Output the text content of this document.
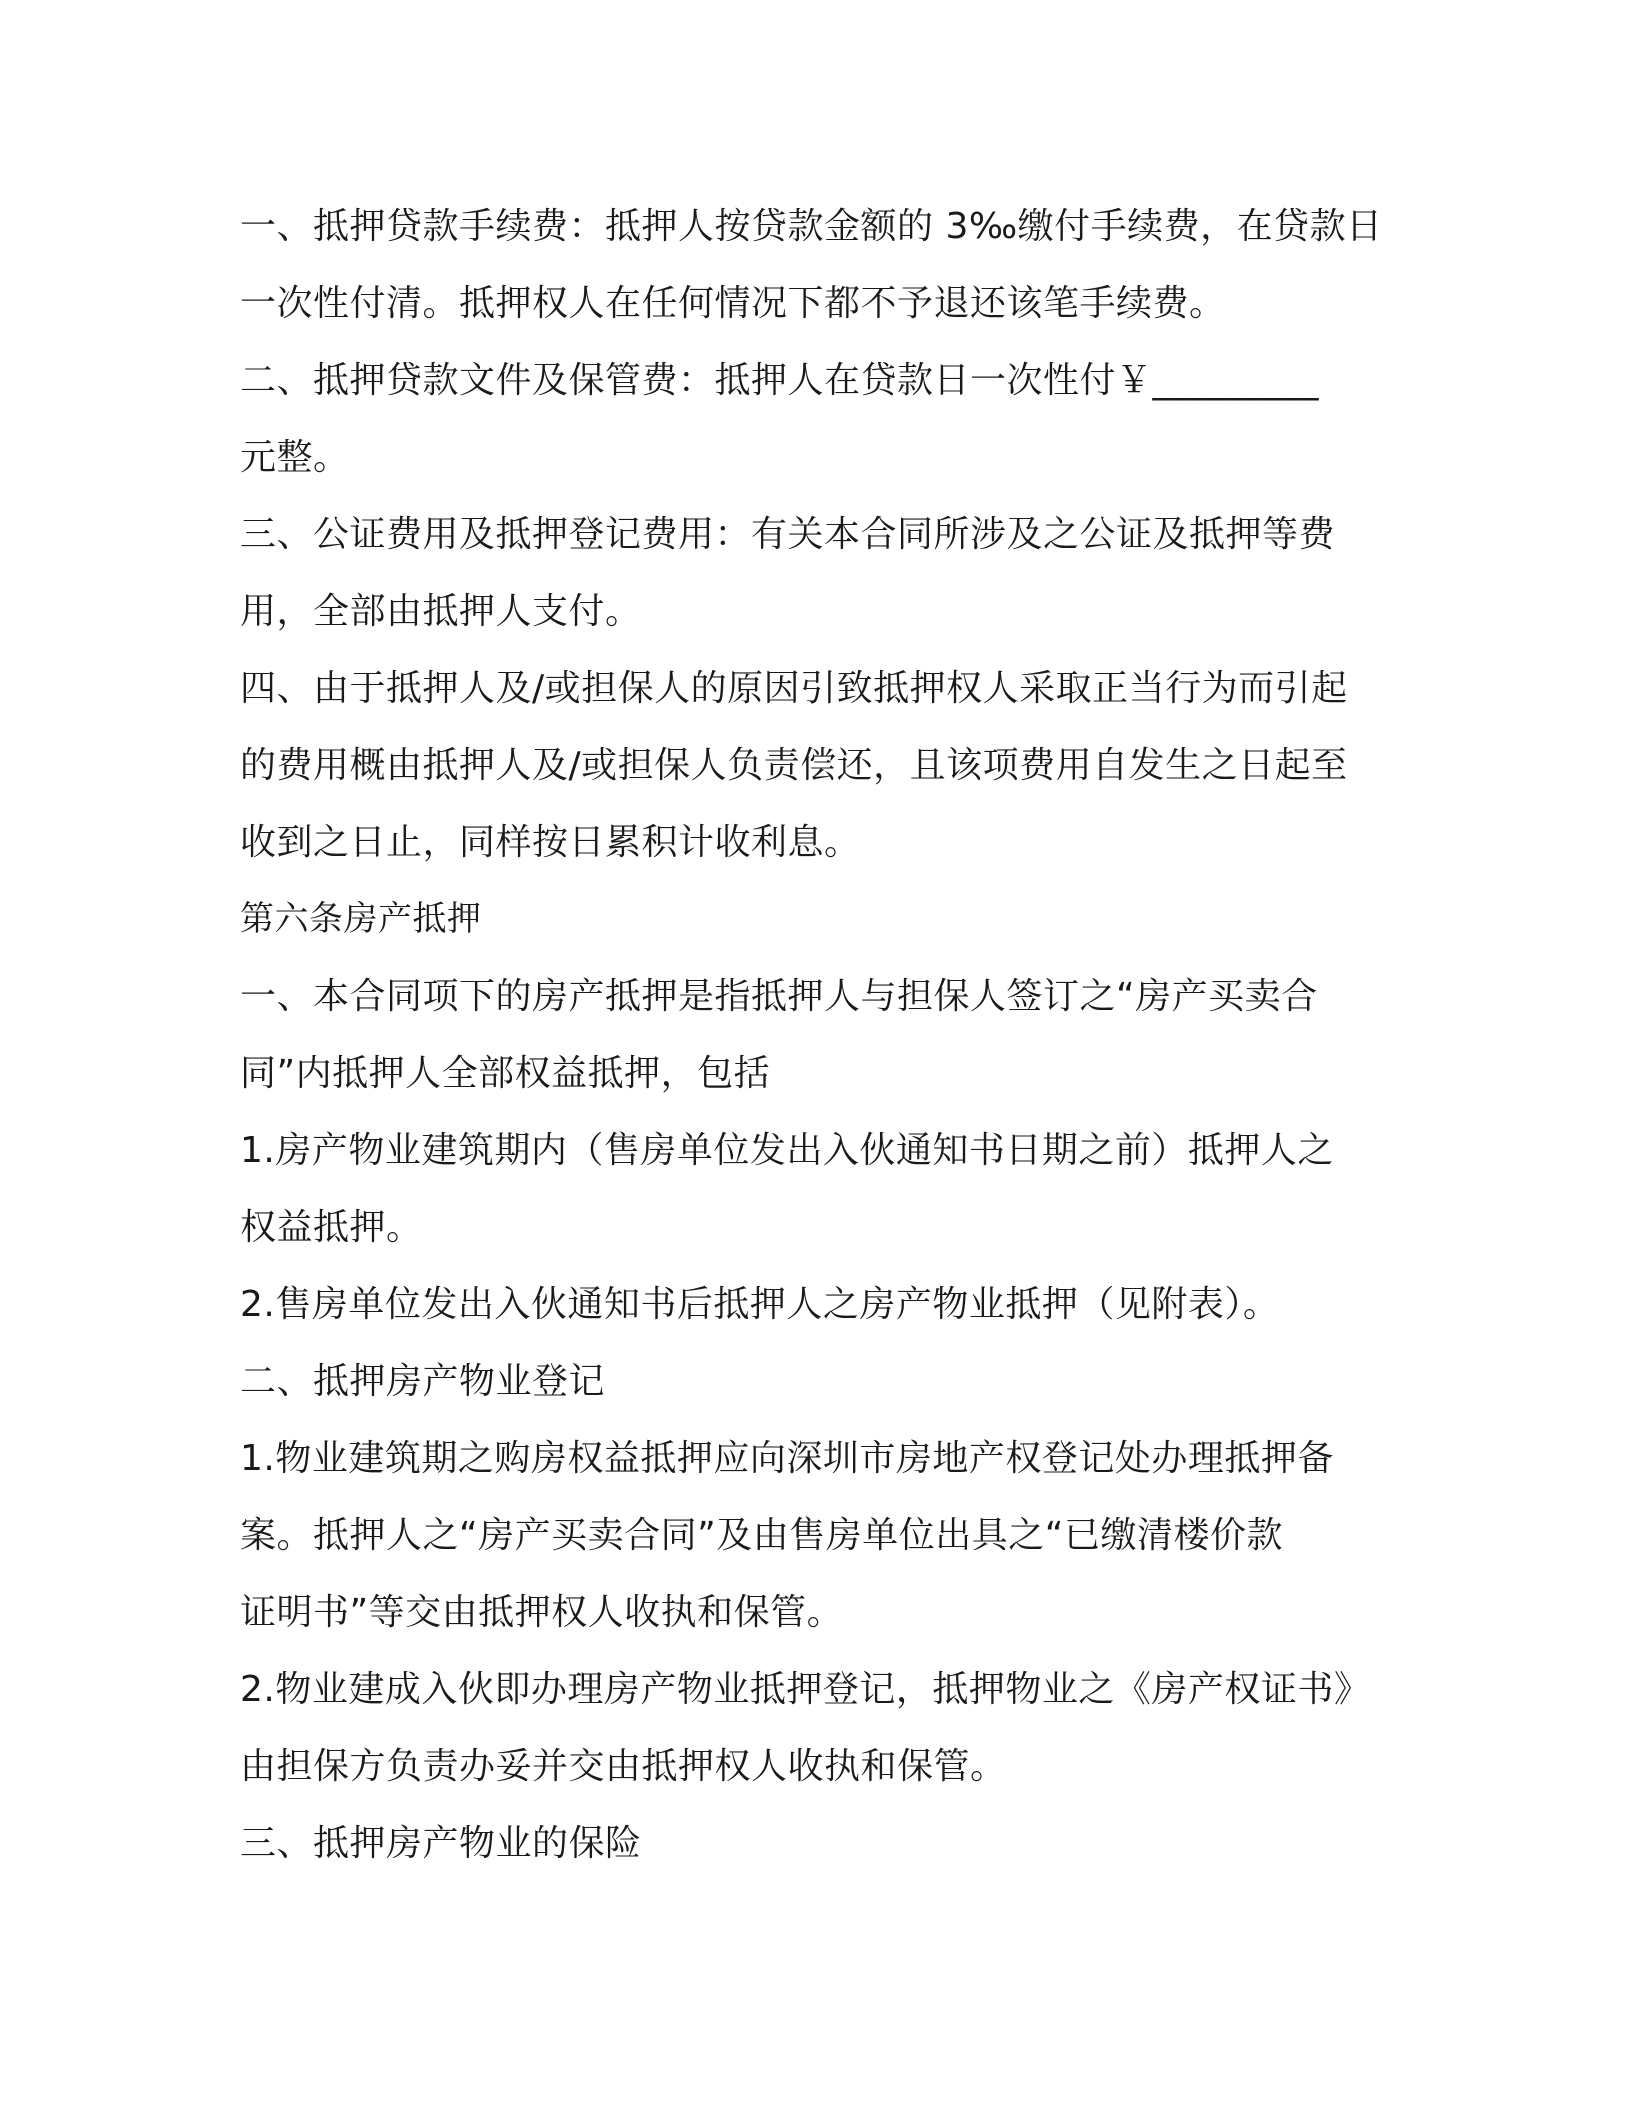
一、抵押贷款手续费：抵押人按贷款金额的 3‰缴付手续费，在贷款日
一次性付清。抵押权人在任何情况下都不予退还该笔手续费。
二、抵押贷款文件及保管费：抵押人在贷款日一次性付￥_________
元整。
三、公证费用及抵押登记费用：有关本合同所涉及之公证及抵押等费
用，全部由抵押人支付。
四、由于抵押人及/或担保人的原因引致抵押权人采取正当行为而引起
的费用概由抵押人及/或担保人负责偿还，且该项费用自发生之日起至
收到之日止，同样按日累积计收利息。
第六条房产抵押
一、本合同项下的房产抵押是指抵押人与担保人签订之“房产买卖合
同”内抵押人全部权益抵押，包括
1.房产物业建筑期内（售房单位发出入伙通知书日期之前）抵押人之
权益抵押。
2.售房单位发出入伙通知书后抵押人之房产物业抵押（见附表）。
二、抵押房产物业登记
1.物业建筑期之购房权益抵押应向深圳市房地产权登记处办理抵押备
案。抵押人之“房产买卖合同”及由售房单位出具之“已缴清楼价款
证明书”等交由抵押权人收执和保管。
2.物业建成入伙即办理房产物业抵押登记，抵押物业之《房产权证书》
由担保方负责办妥并交由抵押权人收执和保管。
三、抵押房产物业的保险
